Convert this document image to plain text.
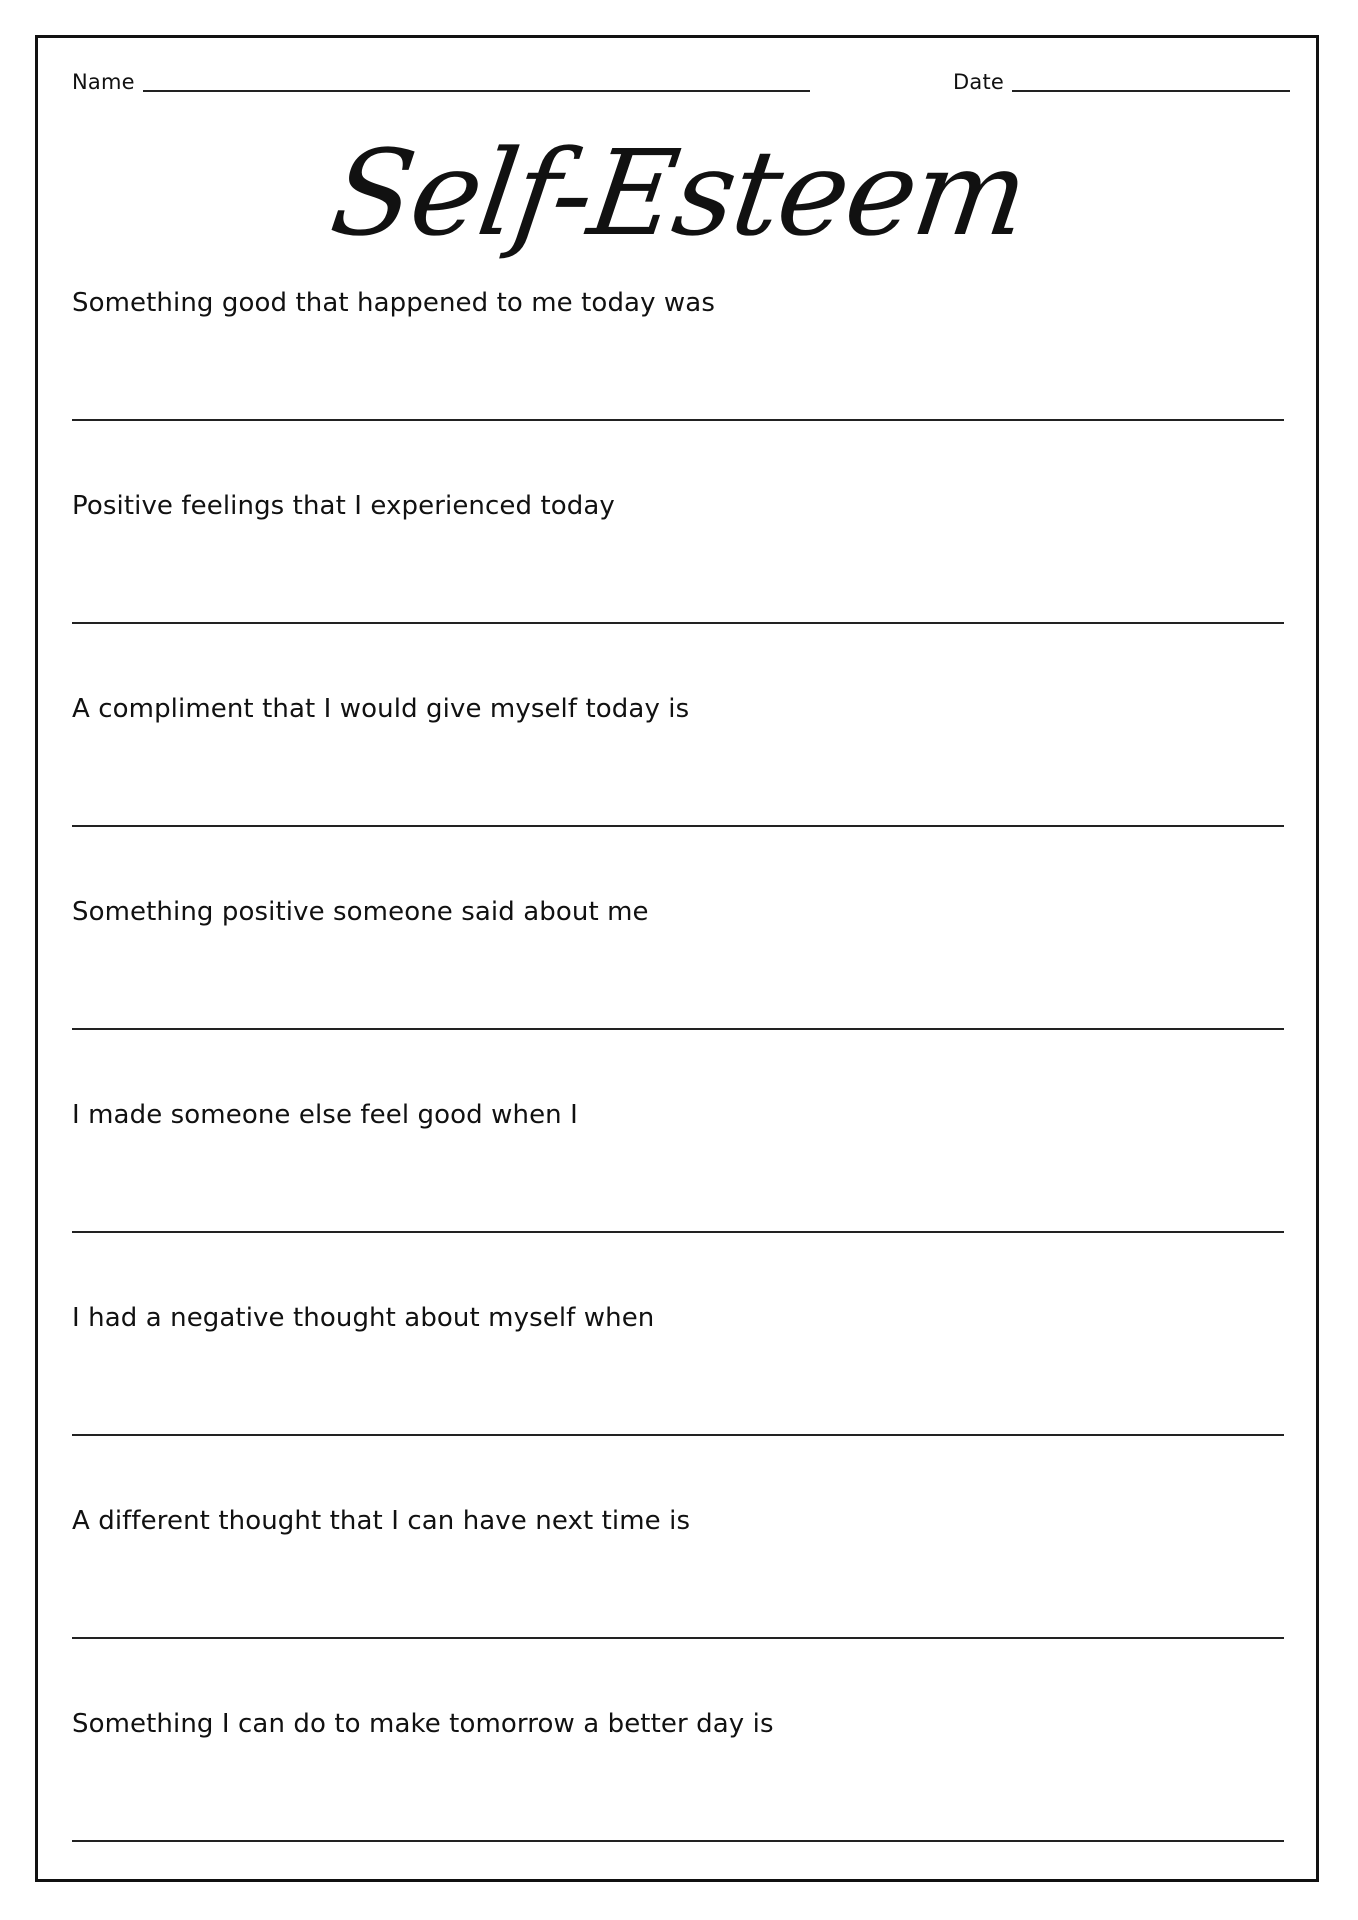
Name	Date
Self-Esteem
Something good that happened to me today was
Positive feelings that I experienced today
A compliment that I would give myself today is
Something positive someone said about me
I made someone else feel good when I
I had a negative thought about myself when
A different thought that I can have next time is
Something I can do to make tomorrow a better day is
